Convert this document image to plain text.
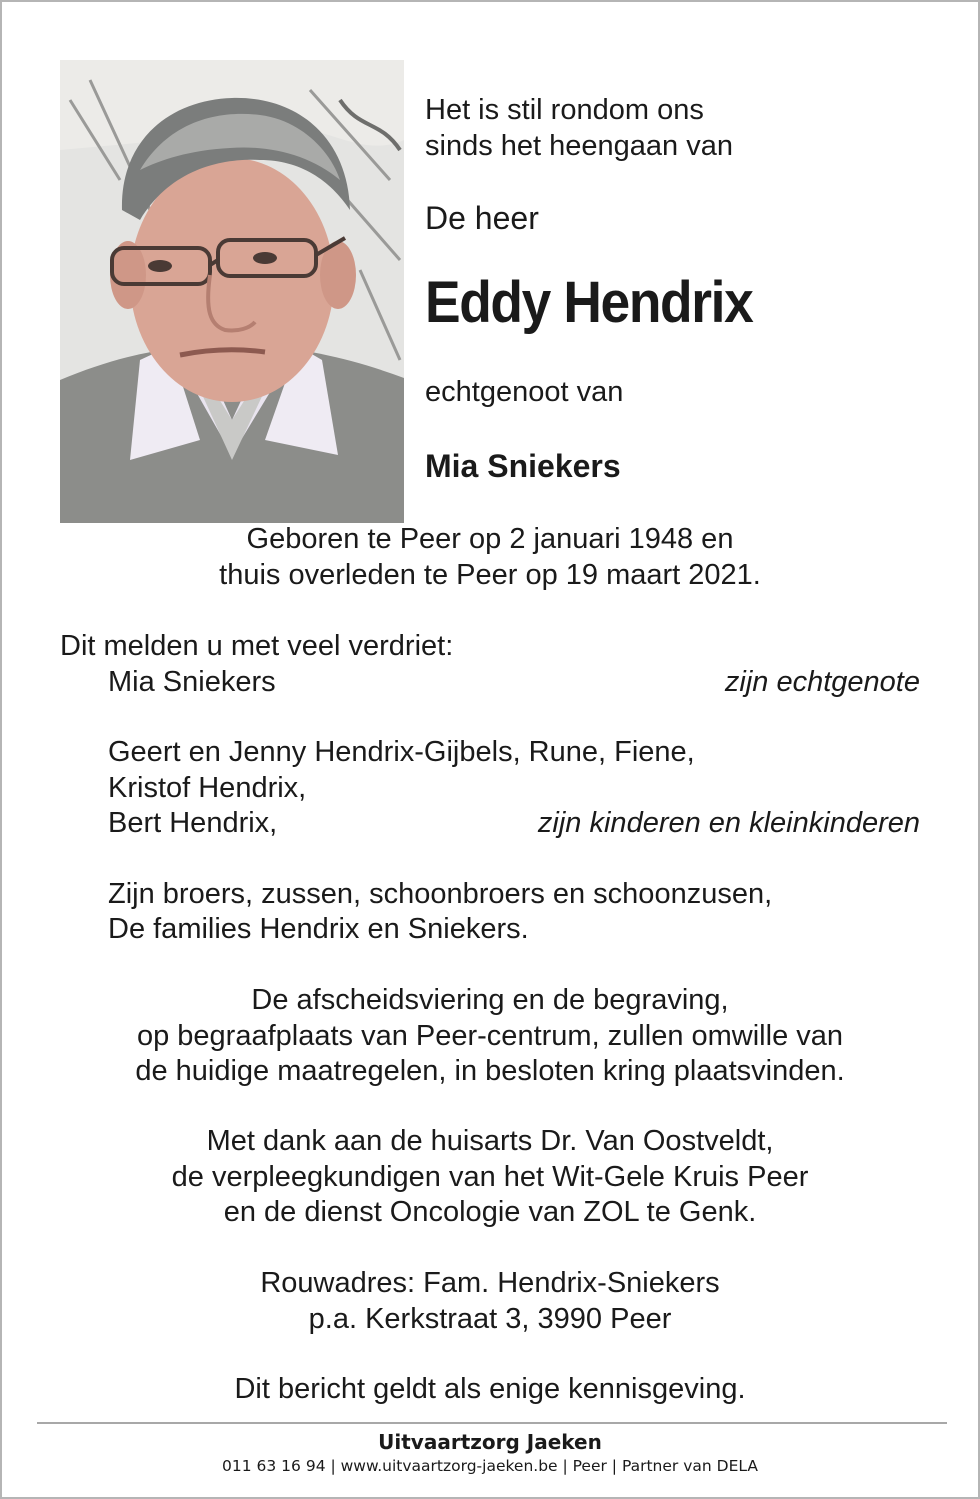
Het is stil rondom ons

sinds het heengaan van

De heer
Eddy Hendrix
echtgenoot van
Mia Sniekers

Geboren te Peer op 2 januari 1948 en

thuis overleden te Peer op 19 maart 2021.

Dit melden u met veel verdriet:

Mia Sniekers	zijn echtgenote
Geert en Jenny Hendrix-Gijbels, Rune, Fiene,
Kristof Hendrix,
Bert Hendrix,	zijn kinderen en kleinkinderen
Zijn broers, zussen, schoonbroers en schoonzusen,
De families Hendrix en Sniekers.

De afscheidsviering en de begraving,

op begraafplaats van Peer-centrum, zullen omwille van

de huidige maatregelen, in besloten kring plaatsvinden.

Met dank aan de huisarts Dr. Van Oostveldt,

de verpleegkundigen van het Wit-Gele Kruis Peer

en de dienst Oncologie van ZOL te Genk.

Rouwadres: Fam. Hendrix-Sniekers

p.a. Kerkstraat 3, 3990 Peer

Dit bericht geldt als enige kennisgeving.

Uitvaartzorg Jaeken
011 63 16 94 | www.uitvaartzorg-jaeken.be | Peer | Partner van DELA
